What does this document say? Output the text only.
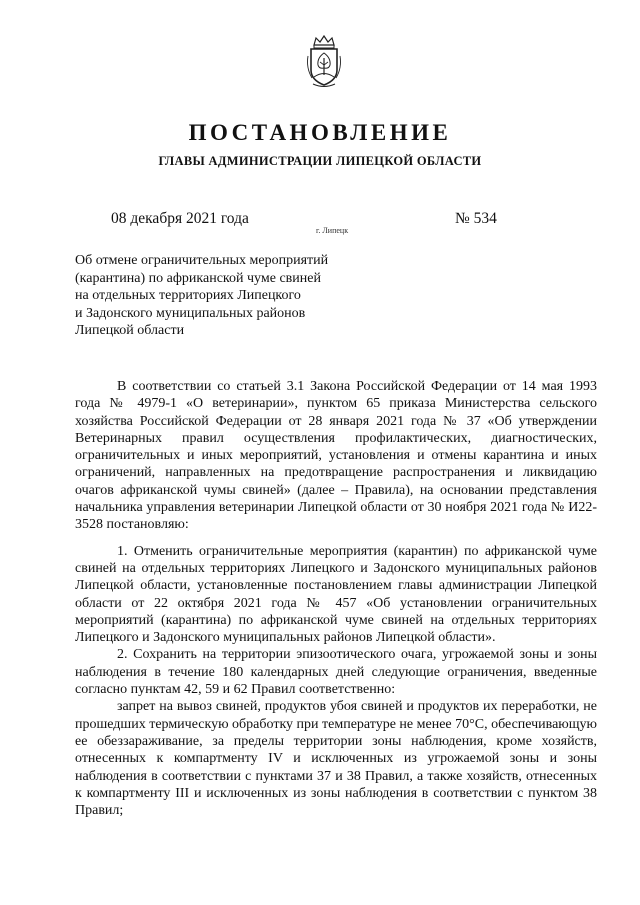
ПОСТАНОВЛЕНИЕ
ГЛАВЫ АДМИНИСТРАЦИИ ЛИПЕЦКОЙ ОБЛАСТИ
08 декабря 2021 года
г. Липецк
№ 534
Об отмене ограничительных мероприятий
(карантина) по африканской чуме свиней
на отдельных территориях Липецкого
и Задонского муниципальных районов
Липецкой области

В соответствии со статьей 3.1 Закона Российской Федерации от 14 мая 1993 года № 4979-1 «О ветеринарии», пунктом 65 приказа Министерства сельского хозяйства Российской Федерации от 28 января 2021 года № 37 «Об утверждении Ветеринарных правил осуществления профилактических, диагностических, ограничительных и иных мероприятий, установления и отмены карантина и иных ограничений, направленных на предотвращение распространения и ликвидацию очагов африканской чумы свиней» (далее – Правила), на основании представления начальника управления ветеринарии Липецкой области от 30 ноября 2021 года № И22-3528 постановляю:

1. Отменить ограничительные мероприятия (карантин) по африканской чуме свиней на отдельных территориях Липецкого и Задонского муниципальных районов Липецкой области, установленные постановлением главы администрации Липецкой области от 22 октября 2021 года № 457 «Об установлении ограничительных мероприятий (карантина) по африканской чуме свиней на отдельных территориях Липецкого и Задонского муниципальных районов Липецкой области».

2. Сохранить на территории эпизоотического очага, угрожаемой зоны и зоны наблюдения в течение 180 календарных дней следующие ограничения, введенные согласно пунктам 42, 59 и 62 Правил соответственно:

запрет на вывоз свиней, продуктов убоя свиней и продуктов их переработки, не прошедших термическую обработку при температуре не менее 70°С, обеспечивающую ее обеззараживание, за пределы территории зоны наблюдения, кроме хозяйств, отнесенных к компартменту IV и исключенных из угрожаемой зоны и зоны наблюдения в соответствии с пунктами 37 и 38 Правил, а также хозяйств, отнесенных к компартменту III и исключенных из зоны наблюдения в соответствии с пунктом 38 Правил;
